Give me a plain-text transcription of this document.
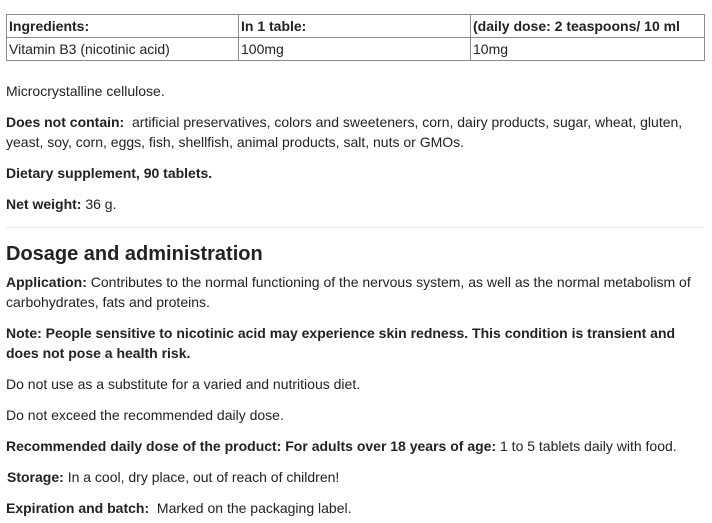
Ingredients:	In 1 table:	(daily dose: 2 teaspoons/ 10 ml
Vitamin B3 (nicotinic acid)	100mg	10mg

Microcrystalline cellulose.

Does not contain: artificial preservatives, colors and sweeteners, corn, dairy products, sugar, wheat, gluten, yeast, soy, corn, eggs, fish, shellfish, animal products, salt, nuts or GMOs.

Dietary supplement, 90 tablets.

Net weight: 36 g.

Dosage and administration

Application: Contributes to the normal functioning of the nervous system, as well as the normal metabolism of carbohydrates, fats and proteins.

Note: People sensitive to nicotinic acid may experience skin redness. This condition is transient and does not pose a health risk.

Do not use as a substitute for a varied and nutritious diet.

Do not exceed the recommended daily dose.

Recommended daily dose of the product: For adults over 18 years of age: 1 to 5 tablets daily with food.

Storage: In a cool, dry place, out of reach of children!

Expiration and batch: Marked on the packaging label.
